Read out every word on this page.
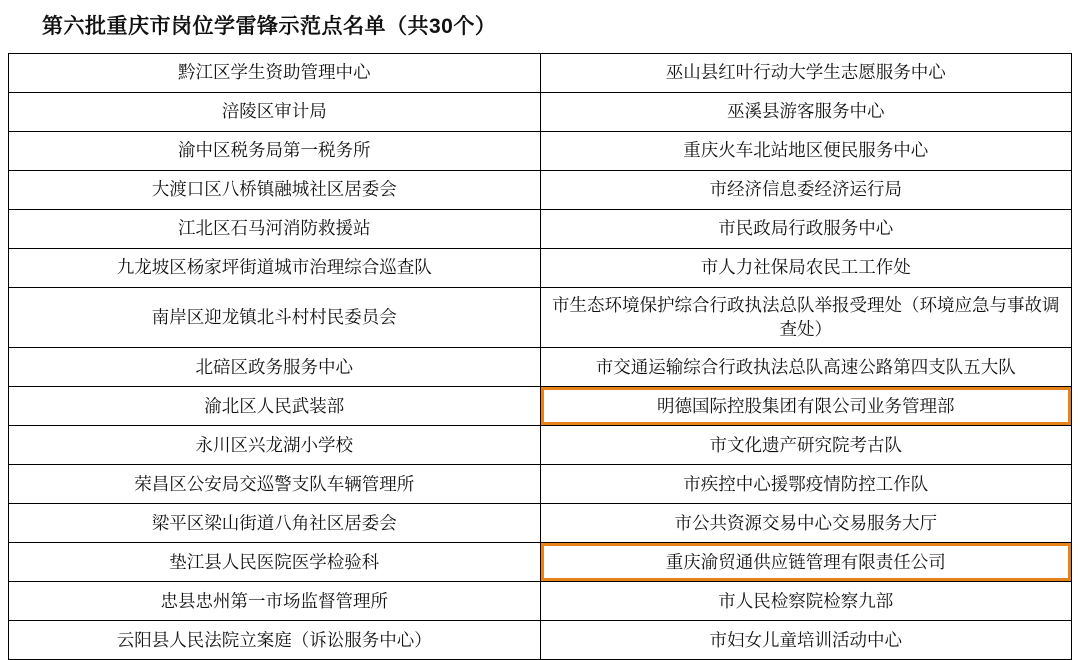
第六批重庆市岗位学雷锋示范点名单（共30个）
黔江区学生资助管理中心	巫山县红叶行动大学生志愿服务中心

涪陵区审计局	巫溪县游客服务中心

渝中区税务局第一税务所	重庆火车北站地区便民服务中心

大渡口区八桥镇融城社区居委会	市经济信息委经济运行局

江北区石马河消防救援站	市民政局行政服务中心

九龙坡区杨家坪街道城市治理综合巡查队	市人力社保局农民工工作处

南岸区迎龙镇北斗村村民委员会	市生态环境保护综合行政执法总队举报受理处（环境应急与事故调查处）

北碚区政务服务中心	市交通运输综合行政执法总队高速公路第四支队五大队

渝北区人民武装部	明德国际控股集团有限公司业务管理部

永川区兴龙湖小学校	市文化遗产研究院考古队

荣昌区公安局交巡警支队车辆管理所	市疾控中心援鄂疫情防控工作队

梁平区梁山街道八角社区居委会	市公共资源交易中心交易服务大厅

垫江县人民医院医学检验科	重庆渝贸通供应链管理有限责任公司

忠县忠州第一市场监督管理所	市人民检察院检察九部

云阳县人民法院立案庭（诉讼服务中心）	市妇女儿童培训活动中心
